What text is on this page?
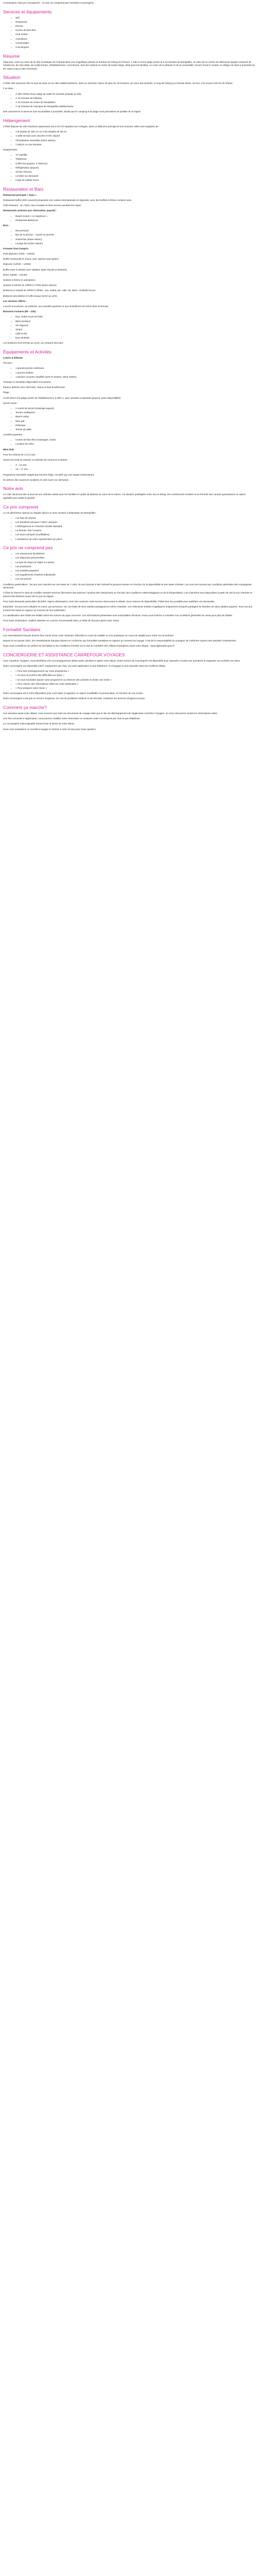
Conciergerie Club pro-conception© - Ce prix ne comprend pas l'entretien Conciergerie.

Services et équipements
• Wifi
• Restaurant
• Piscine
• Centre de bien-être
• Club enfant
• Animations
• Commodités
• Conciergerie
Résumé

Séjourner, vivez au cœur de la côte touristique de l'Hérault dans une magnifique pinede en bordure de l'étang du Prieuré. À 250 m d'une plage privée et à 15 minutes de Montpellier, le Club est un centre de Villeneuve équipé composé de résidences, de mini-villas, de mobil-homes, d'établissement, commerces, club des enfants et centre de loisirs élargi, idéal pour les familles. Au cœur de la détente et de la convivialité. Ouvert d'avril à octobre, le village est situé à proximité du Pic Saint-Loup et des Cévennes.

Situation

L'hôtel club Vacances Mer & Sud est situé sur la côte méditerranéenne, dans un domaine nature de plus de 16 hectares, au cœur des pinèdes, le long de l'étang (La Grande-Motte, 20 km). Il se trouve à 50 km de Nîmes.

Il se situe :

• À 250 mètres d'une plage de sable fin (navette gratuite en été).
• À 10 minutes de Palavas.
• À 15 minutes du centre de Montpellier.
• À 20 minutes de l'aéroport de Montpellier-Méditerranée.

Des commerces et services sont accessibles à proximité, tandis que le camping et la plage vous permettent de profiter de la région.

Hébergement

L'hôtel dispose de 235 chambres spacieuses (23 à 40 m²) réparties sur 3 étages, dans un bâtiment principal et ses annexes. Elles sont équipées de :

• 1 lit double de 160 cm ou 2 lits simples de 90 cm
• 1 salle de bain avec douche et WC séparé
• Climatisation réversible (selon saison)
• 1 balcon ou une terrasse

Équipements :

• TV satellite
• Téléphone
• Coffre-fort (payant, à réserver)
• Réfrigérateur (payant)
• Sèche-cheveux
• Lit bébé sur demande
• Linge de toilette fourni
Restauration et Bars

Restaurant principal « Oyeu »

Restaurant buffet (200 couverts) proposant une cuisine internationale et régionale, avec des buffets à thème certains soirs.

Côté boissons : vin, bière, eau et sodas en libre-service pendant les repas.

Restaurants annexes (sur réservation, payant) :

• Beach Snack « Le Supérieur »
• Restaurant Barbecue

Bars :

• Bar principal
• Bar de la piscine – ouvert en journée
• Snack-bar (haute saison)
• Lounge bar (selon saison)

Formule Tout Compris

Petit déjeuner (7h00 – 10h00)

Buffet continental et chaud, avec options sans gluten.

Déjeuner (12h30 – 14h00)

Buffet varié à volonté avec salades, plats chauds et desserts.

Dîner (19h00 – 21h30)

Soirées à thème et animations.

Snacks à volonté de 15h00 à 17h00 (selon saison).

Boissons à volonté de 10h00 à 23h00 : eau, sodas, jus, café, vin, bière, cocktails locaux.

Boissons alcoolisées et softs locaux servis au verre.

Les services offerts :

L'accès à la piscine, au solarium, aux activités sportives et aux animations est inclus dans la formule.

Boissons incluses (9h – 23h)

• Eau, sodas et jus de fruits
• Bière pression
• Vin régional
• Sirops
• Café et thé
• Eau minérale

Les boissons sont servies au verre, au comptoir des bars.

Équipements et Activités

Loisirs & Détente

Piscines :

• 1 grande piscine extérieure
• 1 piscine enfants
• 1 piscine couverte chauffée (avril et octobre, selon météo)

Transats et serviettes disponibles à la piscine.

Espace détente avec hammam, sauna et bain bouillonnant.

Plage :

Accès direct à la plage privée de l'établissement, à 250 m, avec transats et parasols (payant, selon disponibilité).

Sports inclus :

• 2 courts de tennis (éclairage payant)
• Terrain multisports
• Beach-volley
• Mini-golf
• Pétanque
• Tennis de table

Activités payantes :

• Centre de bien-être (massages, soins)
• Location de vélos

Mini-Club

Pour les enfants de 4 à 12 ans :

Ouvert du lundi au samedi, en période de vacances scolaires.

• 4 – 12 ans
• 13 – 17 ans

Programme d'activités adapté par tranche d'âge, encadré par une équipe d'animateurs.

En dehors des vacances scolaires, le club ouvre sur demande.

Notre avis

Le Club Vacances Mer & Sud est une adresse idéale pour les familles en quête de détente au cœur de la nature. Sa situation privilégiée entre mer et étang, ses nombreuses activités et sa formule tout compris garantissent un séjour agréable pour petits et grands.

Ce prix comprend

Le vol aller/retour spécial au régulier (direct ou avec escale) à destination de Montpellier :

• Les frais de dossier
• Les transferts aéroport / hôtel / aéroport
• L'hébergement en chambre double standard
• La formule Tout Compris
• Les taxes aéroport (modifiables)
• L'assistance de notre représentant sur place
Ce prix ne comprend pas
• Les assurances facultatives
• Les dépenses personnelles
• La taxe de séjour (à régler sur place)
• Les pourboires
• Les activités payantes
• Les suppléments chambre individuelle
• Les excursions

Conditions particulières : les prix sont calculés sur une base de 7 nuits. Ils sont donnés à titre indicatif et peuvent évoluer en fonction de la disponibilité et des dates choisies. Les vols sont soumis aux conditions générales des compagnies aériennes.

L'hôtel se réserve le droit de modifier certains services (fermeture des piscines, horaires des restaurants) en fonction des conditions météorologiques ou de la fréquentation. Les chambres sont disponibles à partir de 16h le jour d'arrivée et doivent être libérées avant 10h le jour du départ.

Pour toute demande particulière (lit bébé, régime alimentaire), merci de contacter notre service client avant le départ. Sous réserve de disponibilité, l'hôtel fera son possible pour satisfaire vos demandes.

Important : les prix sont indiqués en euros, par personne, sur une base de deux adultes partageant la même chambre. Les réductions enfants s'appliquent uniquement lorsqu'ils partagent la chambre de deux adultes payants. Tous nos prix incluent les taxes en vigueur au moment de leur publication.

La classification des hôtels est établie selon les normes du pays concerné. Les informations présentées sont susceptibles d'évoluer. Nous vous invitons à consulter nos conditions générales de vente pour plus de détails.

Pour toute réclamation, veuillez adresser un courrier recommandé dans un délai de 30 jours après votre retour.

Formalité Sanitaire

Les ressortissants français doivent être munis d'une carte nationale d'identité en cours de validité ou d'un passeport en cours de validité pour entrer sur le territoire.

Depuis le 1er janvier 2021, les ressortissants français doivent se conformer aux formalités sanitaires en vigueur au moment du voyage. Il est de la responsabilité du voyageur de s'informer auprès des autorités compétentes.

Nous vous conseillons de vérifier les formalités et les conditions d'entrée sur le site du ministère des Affaires étrangères avant votre départ : www.diplomatie.gouv.fr

CONCIERGERIE ET ASSISTANCE CARREFOUR VOYAGES

Avec Carrefour Voyages, vous bénéficiez d'un accompagnement dédié avant, pendant et après votre séjour. Notre service de conciergerie est disponible pour répondre à toutes vos questions et organiser vos activités sur place.

Notre conciergerie est disponible 24h/7 uniquement par chat, via notre application ou par téléphone, et s'engage à vous répondre dans les meilleurs délais.

• « Pour des renseignements sur votre programme »
• « Si vous rencontrez des difficultés sur place »
• « Si vous souhaitez ajouter votre programme ou réserver des activités et visiter une sortie »
• « Pour obtenir des informations utiles sur votre destination »
• « Pour préparer votre retour »

Notre conciergerie est à votre disposition pour vous aider à organiser un séjour inoubliable et personnalisé, en fonction de vos envies.

Notre conciergerie n'est pas un service d'urgence. En cas de problème médical ou de sécurité, contactez les services d'urgence locaux.

Comment ça marche?

Une semaine avant votre départ, vous recevrez par mail vos documents de voyage ainsi que le lien de téléchargement de l'application Carrefour Voyages, où vous retrouverez toutes les informations utiles.

Une fois connecté à l'application, vous pourrez modifier votre réservation et contacter notre conciergerie par chat ou par téléphone.

La conciergerie reste joignable durant toute la durée de votre séjour.

Nous vous souhaitons un excellent voyage et restons à votre écoute pour toute question.
